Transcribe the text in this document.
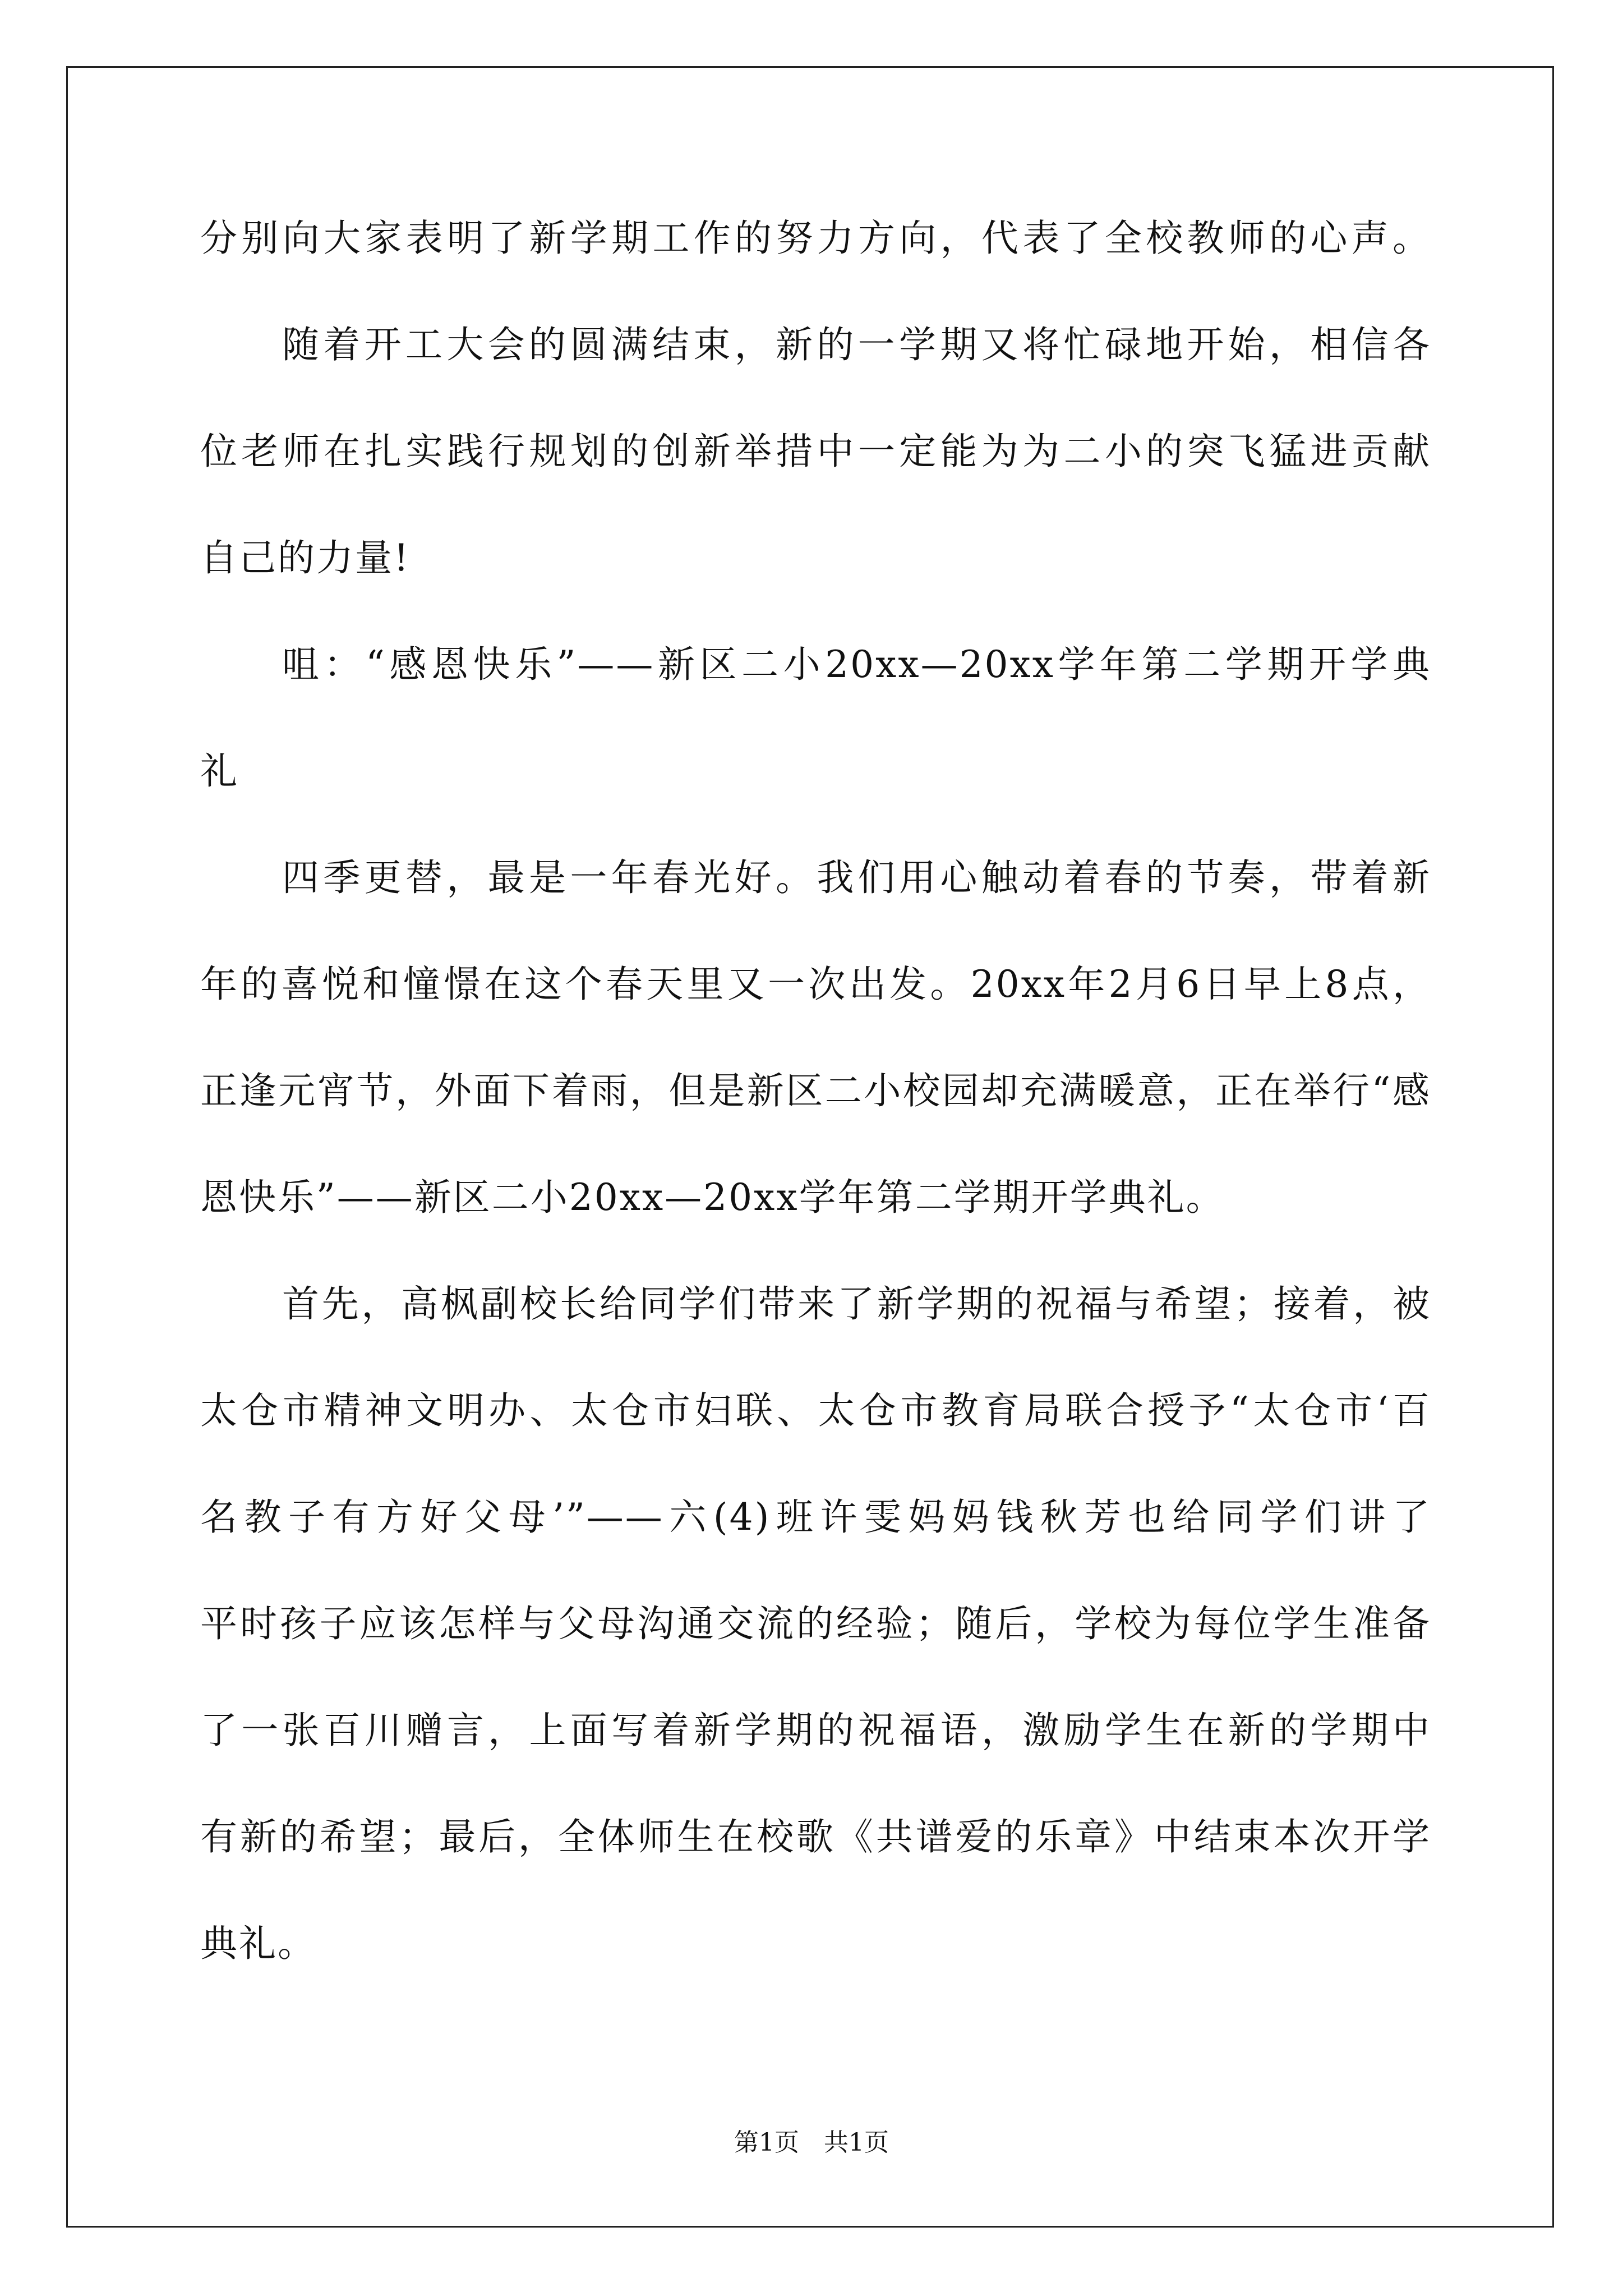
分别向大家表明了新学期工作的努力方向，代表了全校教师的心声。
随着开工大会的圆满结束，新的一学期又将忙碌地开始，相信各
位老师在扎实践行规划的创新举措中一定能为为二小的突飞猛进贡献
自己的力量!
咀：“感恩快乐”——新区二小20xx—20xx学年第二学期开学典
礼
四季更替，最是一年春光好。我们用心触动着春的节奏，带着新
年的喜悦和憧憬在这个春天里又一次出发。20xx年2月6日早上8点，
正逢元宵节，外面下着雨，但是新区二小校园却充满暖意，正在举行“感
恩快乐”——新区二小20xx—20xx学年第二学期开学典礼。
首先，高枫副校长给同学们带来了新学期的祝福与希望；接着，被
太仓市精神文明办、太仓市妇联、太仓市教育局联合授予“太仓市‘百
名教子有方好父母’”——六(4)班许雯妈妈钱秋芳也给同学们讲了
平时孩子应该怎样与父母沟通交流的经验；随后，学校为每位学生准备
了一张百川赠言，上面写着新学期的祝福语，激励学生在新的学期中
有新的希望；最后，全体师生在校歌《共谱爱的乐章》中结束本次开学
典礼。
第1页　共1页
